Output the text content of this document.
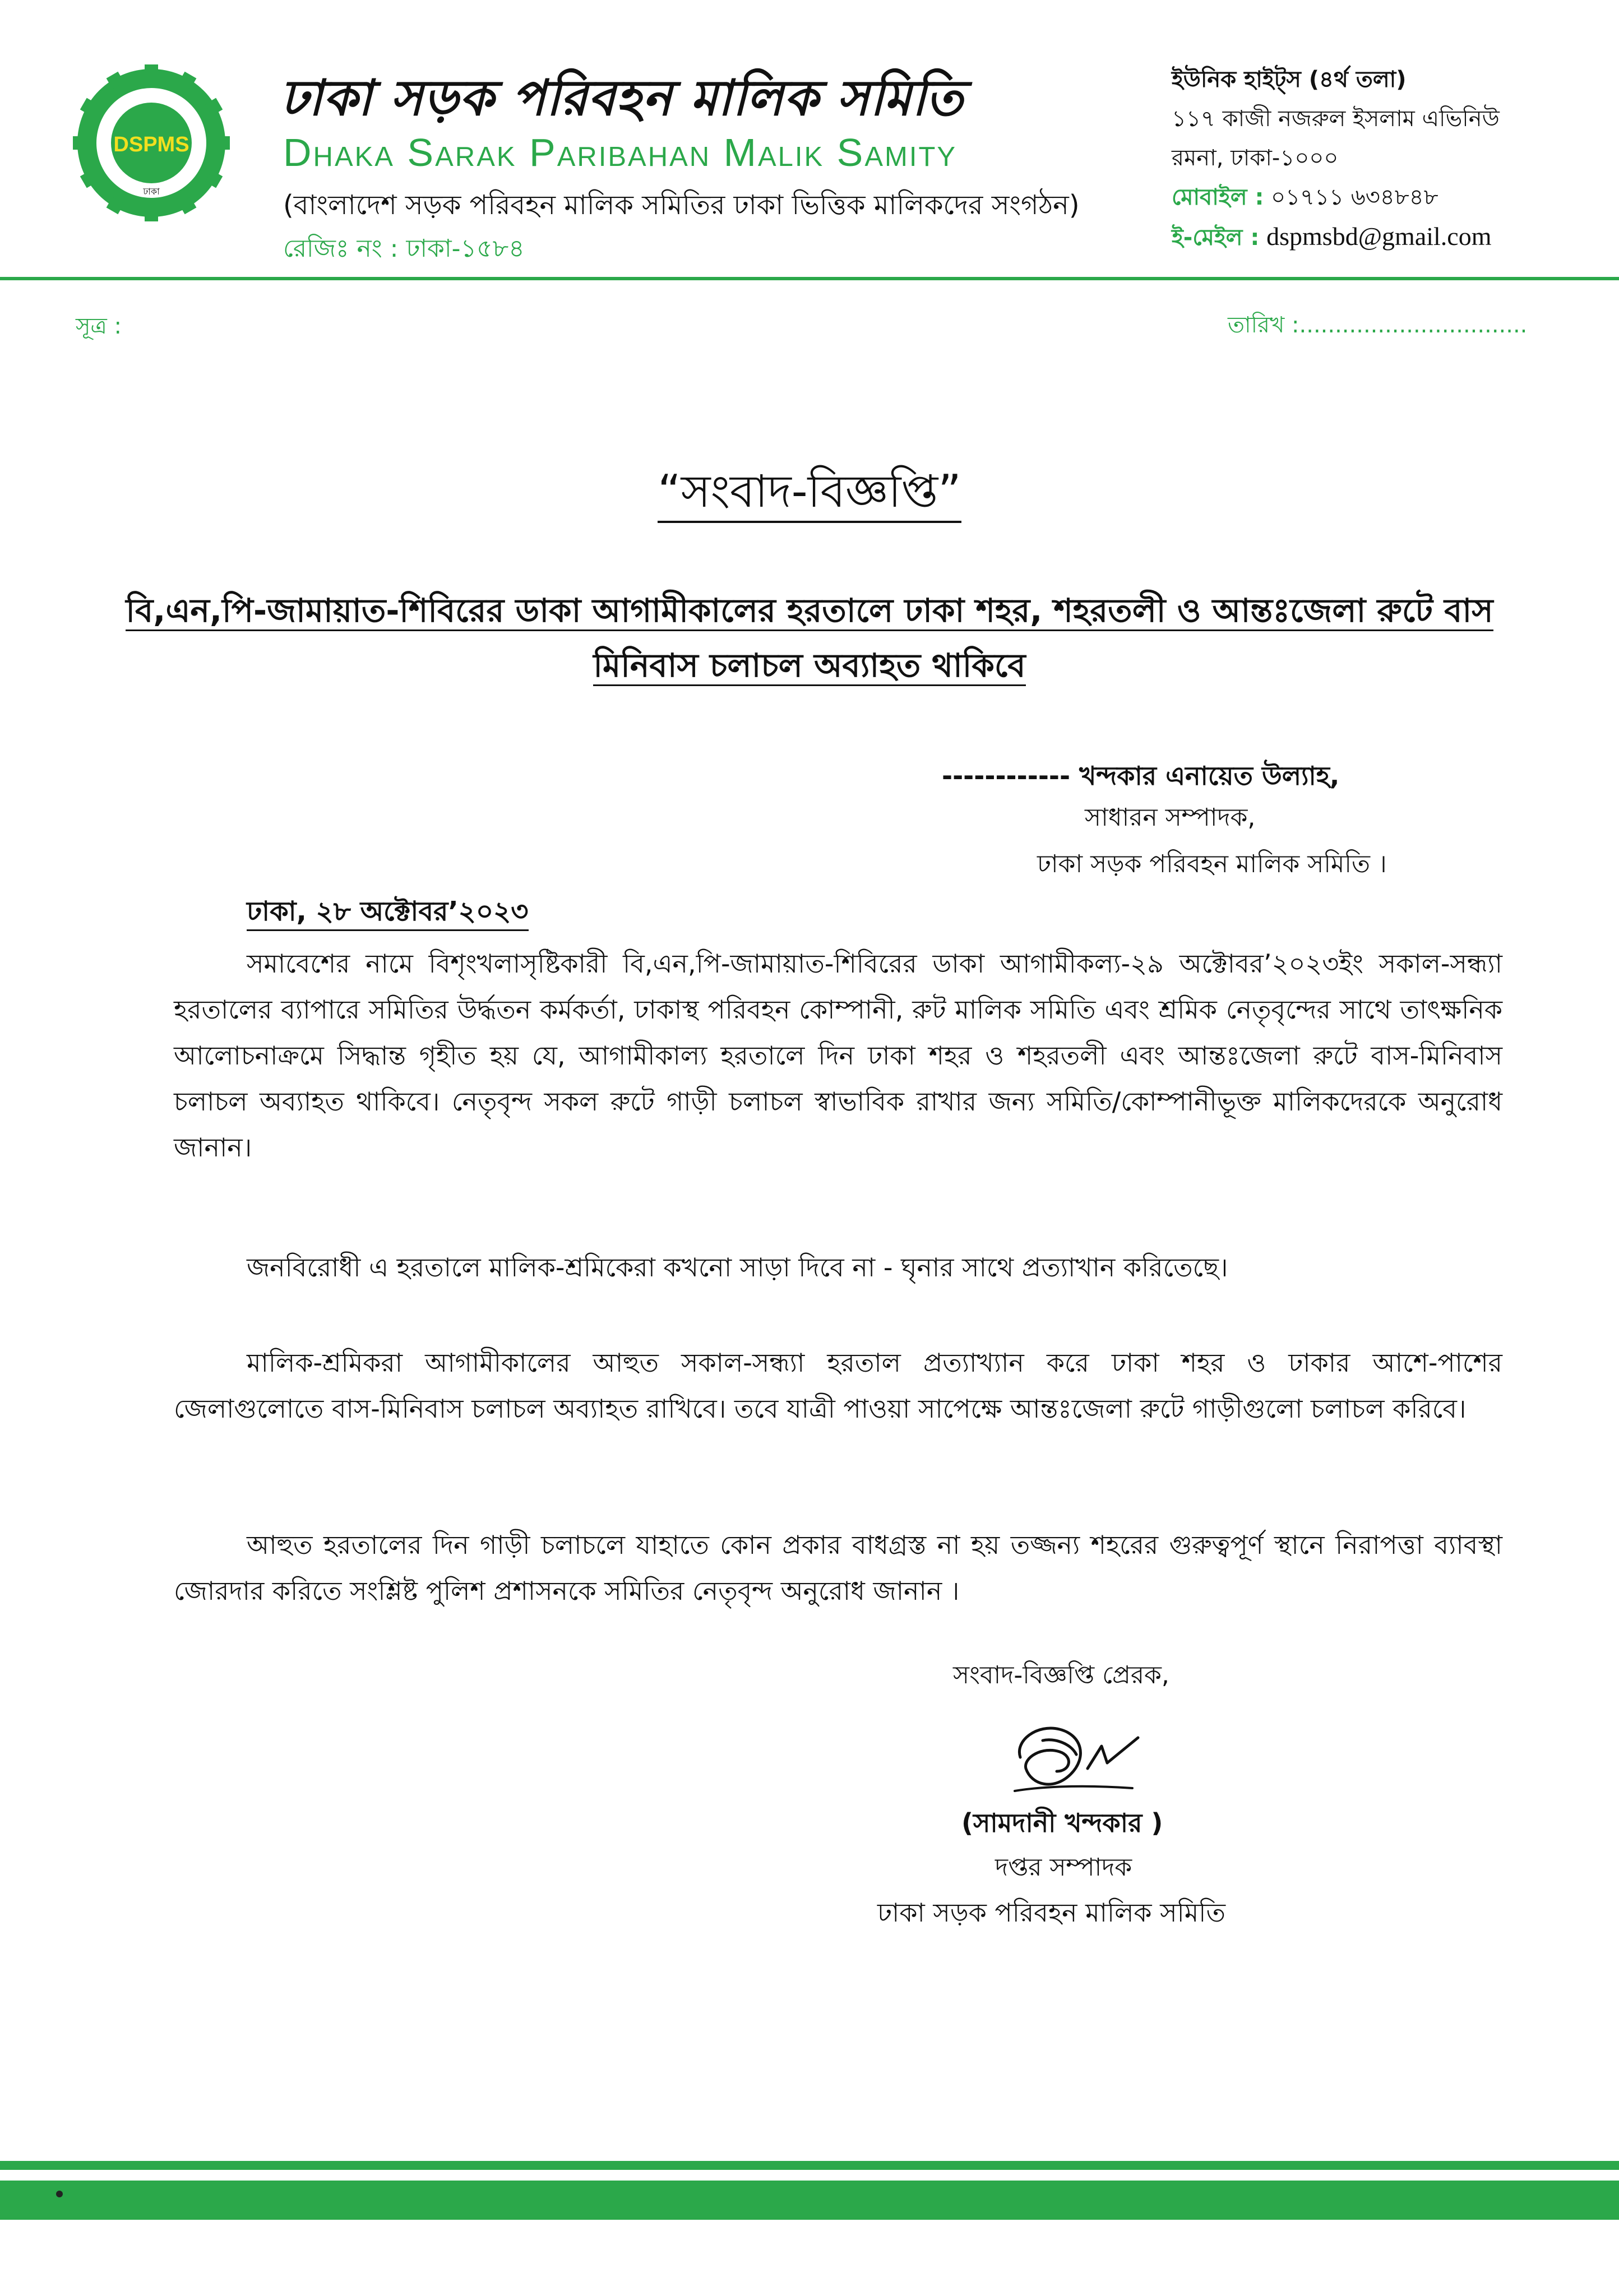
DSPMS
ঢাকা
ঢাকা সড়ক পরিবহন মালিক সমিতি
Dhaka Sarak Paribahan Malik Samity
(বাংলাদেশ সড়ক পরিবহন মালিক সমিতির ঢাকা ভিত্তিক মালিকদের সংগঠন)
রেজিঃ নং : ঢাকা-১৫৮৪
ইউনিক হাইট্স (৪র্থ তলা)
১১৭ কাজী নজরুল ইসলাম এভিনিউ
রমনা, ঢাকা-১০০০
মোবাইল : ০১৭১১ ৬৩৪৮৪৮
ই-মেইল : dspmsbd@gmail.com
সূত্র :	তারিখ :................................
“সংবাদ-বিজ্ঞপ্তি”
বি,এন,পি-জামায়াত-শিবিরের ডাকা আগামীকালের হরতালে ঢাকা শহর, শহরতলী ও আন্তঃজেলা রুটে বাস মিনিবাস চলাচল অব্যাহত থাকিবে
------------ খন্দকার এনায়েত উল্যাহ,
সাধারন সম্পাদক,
ঢাকা সড়ক পরিবহন মালিক সমিতি ।
ঢাকা, ২৮ অক্টোবর’২০২৩

সমাবেশের নামে বিশৃংখলাসৃষ্টিকারী বি,এন,পি-জামায়াত-শিবিরের ডাকা আগামীকল্য-২৯ অক্টোবর’২০২৩ইং সকাল-সন্ধ্যা হরতালের ব্যাপারে সমিতির উর্দ্ধতন কর্মকর্তা, ঢাকাস্থ পরিবহন কোম্পানী, রুট মালিক সমিতি এবং শ্রমিক নেতৃবৃন্দের সাথে তাৎক্ষনিক আলোচনাক্রমে সিদ্ধান্ত গৃহীত হয় যে, আগামীকাল্য হরতালে দিন ঢাকা শহর ও শহরতলী এবং আন্তঃজেলা রুটে বাস-মিনিবাস চলাচল অব্যাহত থাকিবে। নেতৃবৃন্দ সকল রুটে গাড়ী চলাচল স্বাভাবিক রাখার জন্য সমিতি/কোম্পানীভূক্ত মালিকদেরকে অনুরোধ জানান।

জনবিরোধী এ হরতালে মালিক-শ্রমিকেরা কখনো সাড়া দিবে না - ঘৃনার সাথে প্রত্যাখান করিতেছে।

মালিক-শ্রমিকরা আগামীকালের আহুত সকাল-সন্ধ্যা হরতাল প্রত্যাখ্যান করে ঢাকা শহর ও ঢাকার আশে-পাশের জেলাগুলোতে বাস-মিনিবাস চলাচল অব্যাহত রাখিবে। তবে যাত্রী পাওয়া সাপেক্ষে আন্তঃজেলা রুটে গাড়ীগুলো চলাচল করিবে।

আহুত হরতালের দিন গাড়ী চলাচলে যাহাতে কোন প্রকার বাধগ্রস্ত না হয় তজ্জন্য শহরের গুরুত্বপূর্ণ স্থানে নিরাপত্তা ব্যাবস্থা জোরদার করিতে সংশ্লিষ্ট পুলিশ প্রশাসনকে সমিতির নেতৃবৃন্দ অনুরোধ জানান ।

সংবাদ-বিজ্ঞপ্তি প্রেরক,
(সামদানী খন্দকার )
দপ্তর সম্পাদক
ঢাকা সড়ক পরিবহন মালিক সমিতি
